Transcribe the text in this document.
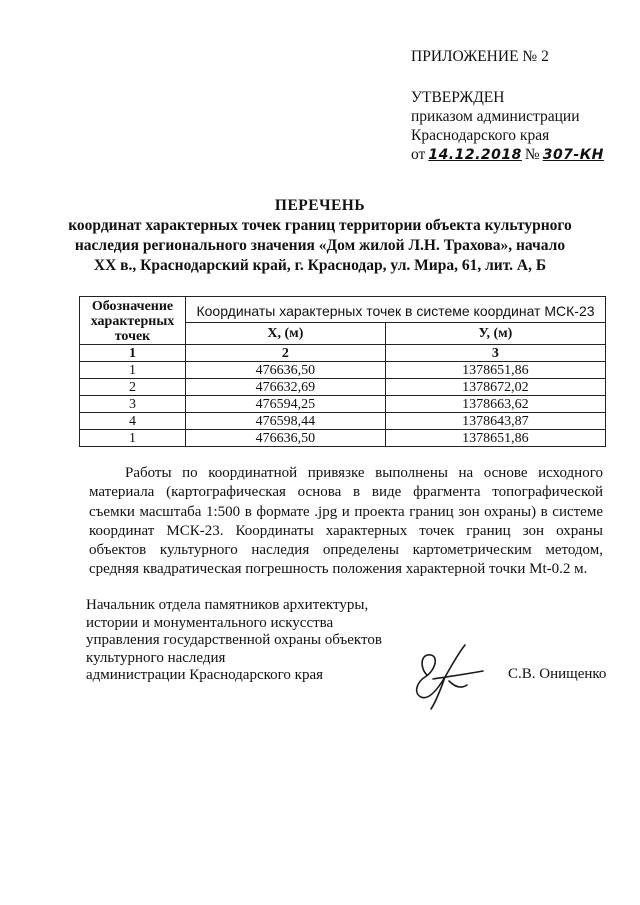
ПРИЛОЖЕНИЕ № 2
УТВЕРЖДЕН
приказом администрации
Краснодарского края
от 14.12.2018 № 307-КН
ПЕРЕЧЕНЬ
координат характерных точек границ территории объекта культурного
наследия регионального значения «Дом жилой Л.Н. Трахова», начало
XX в., Краснодарский край, г. Краснодар, ул. Мира, 61, лит. А, Б
Обозначение характерных точек	Координаты характерных точек в системе координат МСК-23	
	X, (м)	У, (м)
1	2	3
1	476636,50	1378651,86
2	476632,69	1378672,02
3	476594,25	1378663,62
4	476598,44	1378643,87
1	476636,50	1378651,86

Работы по координатной привязке выполнены на основе исходного материала (картографическая основа в виде фрагмента топографической съемки масштаба 1:500 в формате .jpg и проекта границ зон охраны) в системе координат МСК-23. Координаты характерных точек границ зон охраны объектов культурного наследия определены картометрическим методом, средняя квадратическая погрешность положения характерной точки Mt-0.2 м.

Начальник отдела памятников архитектуры,
истории и монументального искусства
управления государственной охраны объектов
культурного наследия
администрации Краснодарского края	С.В. Онищенко
